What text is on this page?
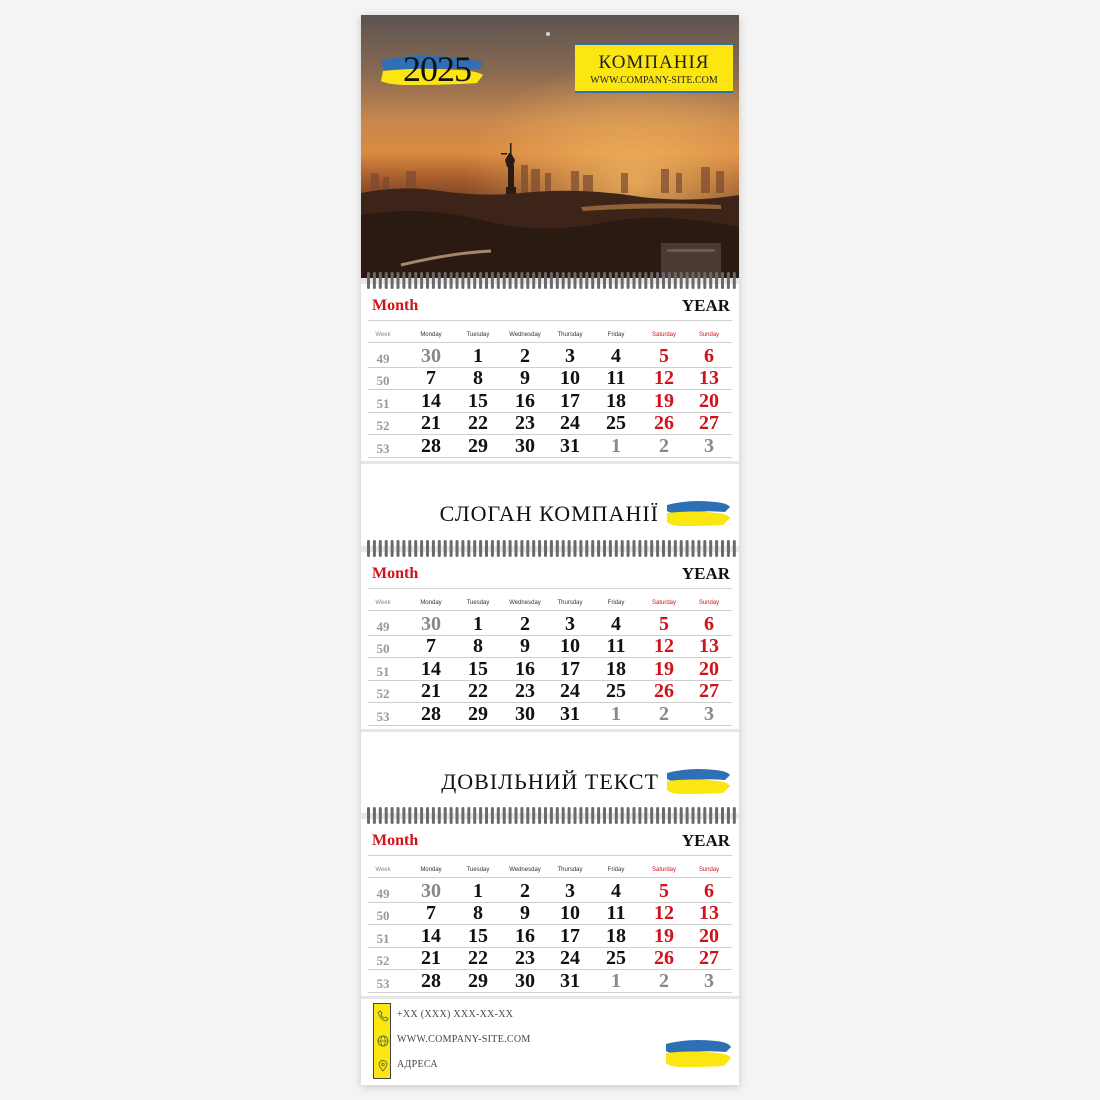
2025	КОМПАНІЯ
WWW.COMPANY-SITE.COM
Month	YEAR
Week	Monday	Tuesday	Wednesday	Thursday	Friday	Saturday	Sunday
49	30	1	2	3	4	5	6
50	7	8	9	10	11	12	13
51	14	15	16	17	18	19	20
52	21	22	23	24	25	26	27
53	28	29	30	31	1	2	3
СЛОГАН КОМПАНІЇ
Month	YEAR
Week	Monday	Tuesday	Wednesday	Thursday	Friday	Saturday	Sunday
49	30	1	2	3	4	5	6
50	7	8	9	10	11	12	13
51	14	15	16	17	18	19	20
52	21	22	23	24	25	26	27
53	28	29	30	31	1	2	3
ДОВІЛЬНИЙ ТЕКСТ
Month	YEAR
Week	Monday	Tuesday	Wednesday	Thursday	Friday	Saturday	Sunday
49	30	1	2	3	4	5	6
50	7	8	9	10	11	12	13
51	14	15	16	17	18	19	20
52	21	22	23	24	25	26	27
53	28	29	30	31	1	2	3
+XX (XXX) XXX-XX-XX
WWW.COMPANY-SITE.COM
АДРЕСА
